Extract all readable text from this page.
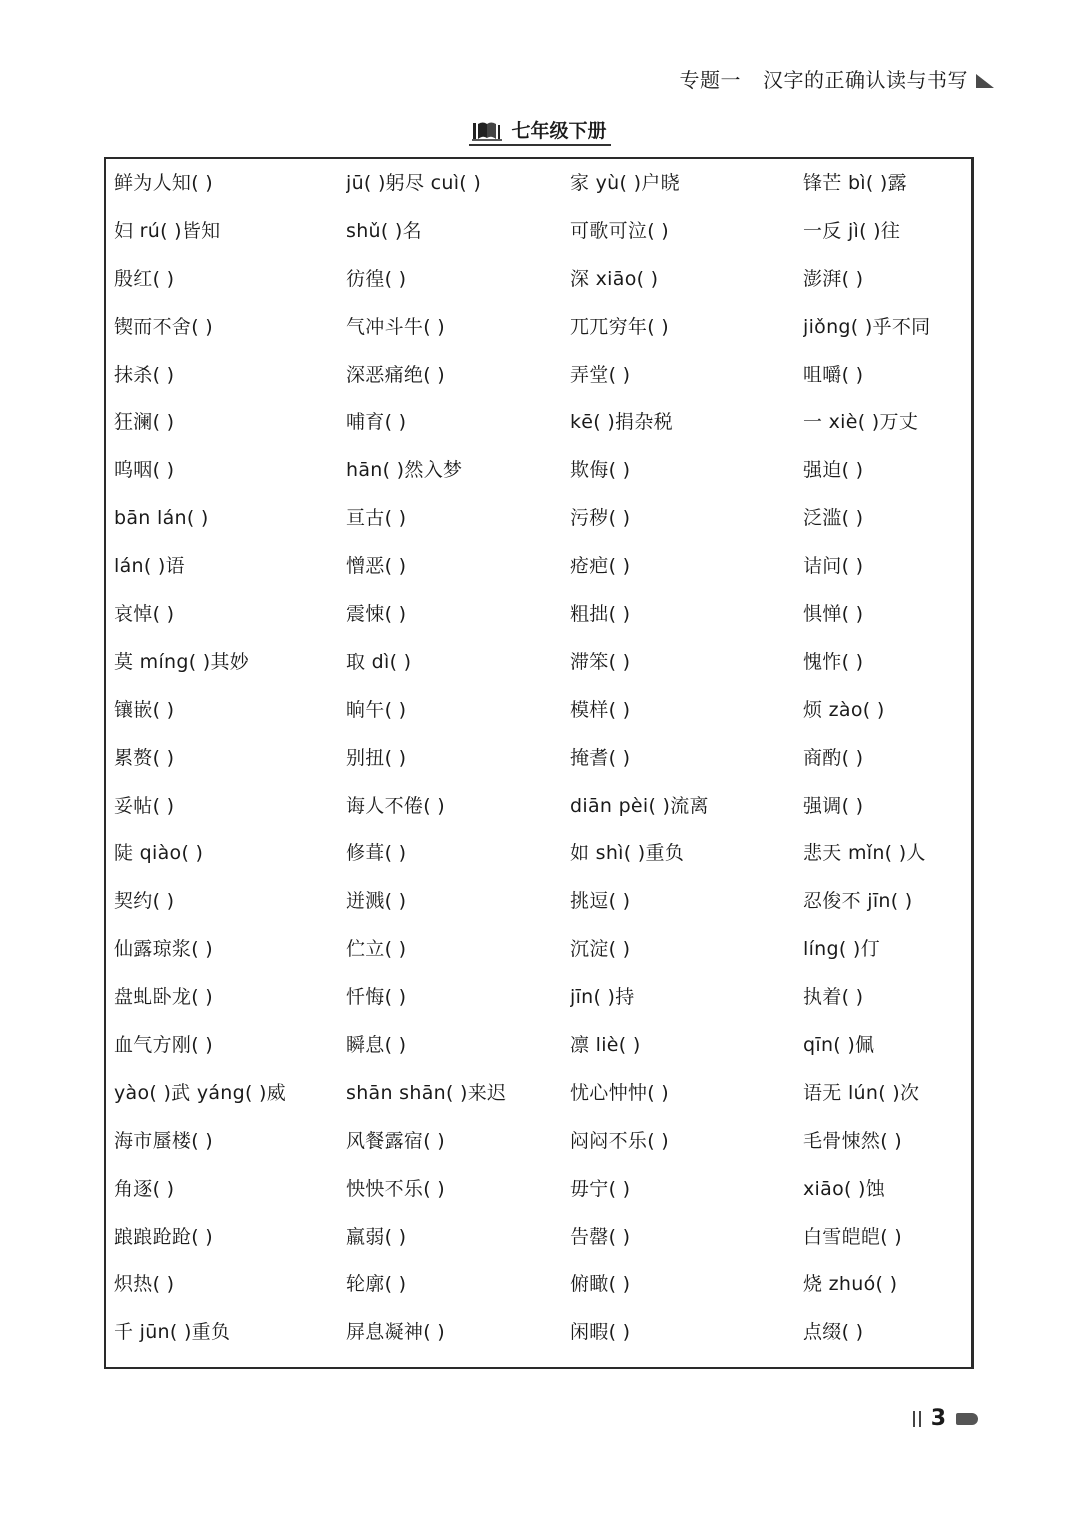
专题一 汉字的正确认读与书写
七年级下册
鲜为人知( )	jū( )躬尽 cuì( )	家 yù( )户晓	锋芒 bì( )露
妇 rú( )皆知	shǔ( )名	可歌可泣( )	一反 jì( )往
殷红( )	彷徨( )	深 xiāo( )	澎湃( )
锲而不舍( )	气冲斗牛( )	兀兀穷年( )	jiǒng( )乎不同
抹杀( )	深恶痛绝( )	弄堂( )	咀嚼( )
狂澜( )	哺育( )	kē( )捐杂税	一 xiè( )万丈
呜咽( )	hān( )然入梦	欺侮( )	强迫( )
bān lán( )	亘古( )	污秽( )	泛滥( )
lán( )语	憎恶( )	疮疤( )	诘问( )
哀悼( )	震悚( )	粗拙( )	惧惮( )
莫 míng( )其妙	取 dì( )	滞笨( )	愧怍( )
镶嵌( )	晌午( )	模样( )	烦 zào( )
累赘( )	别扭( )	掩耆( )	商酌( )
妥帖( )	诲人不倦( )	diān pèi( )流离	强调( )
陡 qiào( )	修葺( )	如 shì( )重负	悲天 mǐn( )人
契约( )	迸溅( )	挑逗( )	忍俊不 jīn( )
仙露琼浆( )	伫立( )	沉淀( )	líng( )仃
盘虬卧龙( )	忏悔( )	jīn( )持	执着( )
血气方刚( )	瞬息( )	凛 liè( )	qīn( )佩
yào( )武 yáng( )威	shān shān( )来迟	忧心忡忡( )	语无 lún( )次
海市蜃楼( )	风餐露宿( )	闷闷不乐( )	毛骨悚然( )
角逐( )	怏怏不乐( )	毋宁( )	xiāo( )蚀
踉踉跄跄( )	羸弱( )	告罄( )	白雪皑皑( )
炽热( )	轮廓( )	俯瞰( )	烧 zhuó( )
千 jūn( )重负	屏息凝神( )	闲暇( )	点缀( )
3
